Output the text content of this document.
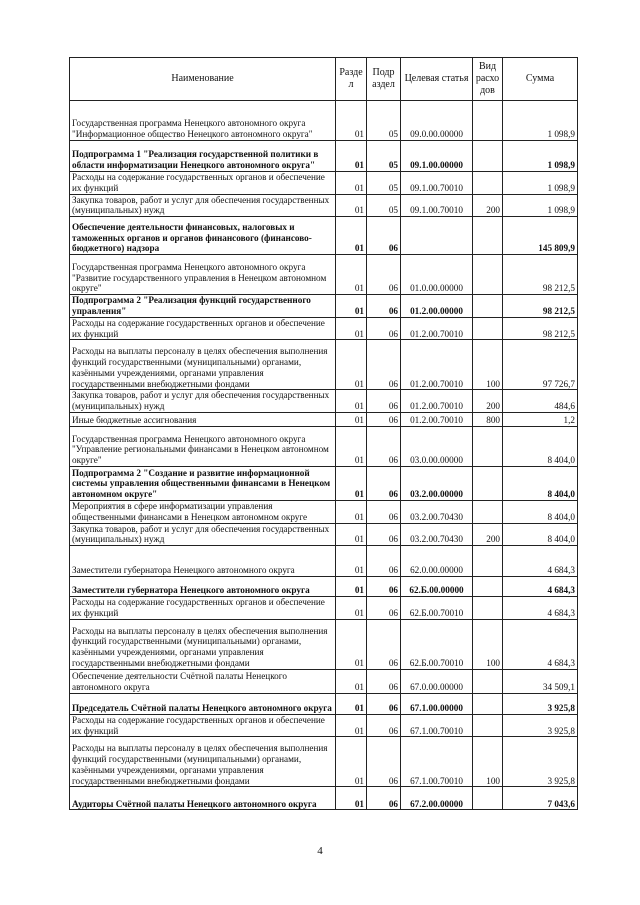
Наименование	Разде л	Подр аздел	Целевая статья	Вид расхо дов	Сумма
Государственная программа Ненецкого автономного округа "Информационное общество Ненецкого автономного округа"	01	05	09.0.00.00000		1 098,9
Подпрограмма 1 "Реализация государственной политики в области информатизации Ненецкого автономного округа"	01	05	09.1.00.00000		1 098,9
Расходы на содержание государственных органов и обеспечение их функций	01	05	09.1.00.70010		1 098,9
Закупка товаров, работ и услуг для обеспечения государственных (муниципальных) нужд	01	05	09.1.00.70010	200	1 098,9
Обеспечение деятельности финансовых, налоговых и таможенных органов и органов финансового (финансово-бюджетного) надзора	01	06			145 809,9
Государственная программа Ненецкого автономного округа "Развитие государственного управления в Ненецком автономном округе"	01	06	01.0.00.00000		98 212,5
Подпрограмма 2 "Реализация функций государственного управления"	01	06	01.2.00.00000		98 212,5
Расходы на содержание государственных органов и обеспечение их функций	01	06	01.2.00.70010		98 212,5
Расходы на выплаты персоналу в целях обеспечения выполнения функций государственными (муниципальными) органами, казёнными учреждениями, органами управления государственными внебюджетными фондами	01	06	01.2.00.70010	100	97 726,7
Закупка товаров, работ и услуг для обеспечения государственных (муниципальных) нужд	01	06	01.2.00.70010	200	484,6
Иные бюджетные ассигнования	01	06	01.2.00.70010	800	1,2
Государственная программа Ненецкого автономного округа "Управление региональными финансами в Ненецком автономном округе"	01	06	03.0.00.00000		8 404,0
Подпрограмма 2 "Создание и развитие информационной системы управления общественными финансами в Ненецком автономном округе"	01	06	03.2.00.00000		8 404,0
Мероприятия в сфере информатизации управления общественными финансами в Ненецком автономном округе	01	06	03.2.00.70430		8 404,0
Закупка товаров, работ и услуг для обеспечения государственных (муниципальных) нужд	01	06	03.2.00.70430	200	8 404,0
Заместители губернатора Ненецкого автономного округа	01	06	62.0.00.00000		4 684,3
Заместители губернатора Ненецкого автономного округа	01	06	62.Б.00.00000		4 684,3
Расходы на содержание государственных органов и обеспечение их функций	01	06	62.Б.00.70010		4 684,3
Расходы на выплаты персоналу в целях обеспечения выполнения функций государственными (муниципальными) органами, казёнными учреждениями, органами управления государственными внебюджетными фондами	01	06	62.Б.00.70010	100	4 684,3
Обеспечение деятельности Счётной палаты Ненецкого автономного округа	01	06	67.0.00.00000		34 509,1
Председатель Счётной палаты Ненецкого автономного округа	01	06	67.1.00.00000		3 925,8
Расходы на содержание государственных органов и обеспечение их функций	01	06	67.1.00.70010		3 925,8
Расходы на выплаты персоналу в целях обеспечения выполнения функций государственными (муниципальными) органами, казёнными учреждениями, органами управления государственными внебюджетными фондами	01	06	67.1.00.70010	100	3 925,8
Аудиторы Счётной палаты Ненецкого автономного округа	01	06	67.2.00.00000		7 043,6
4
